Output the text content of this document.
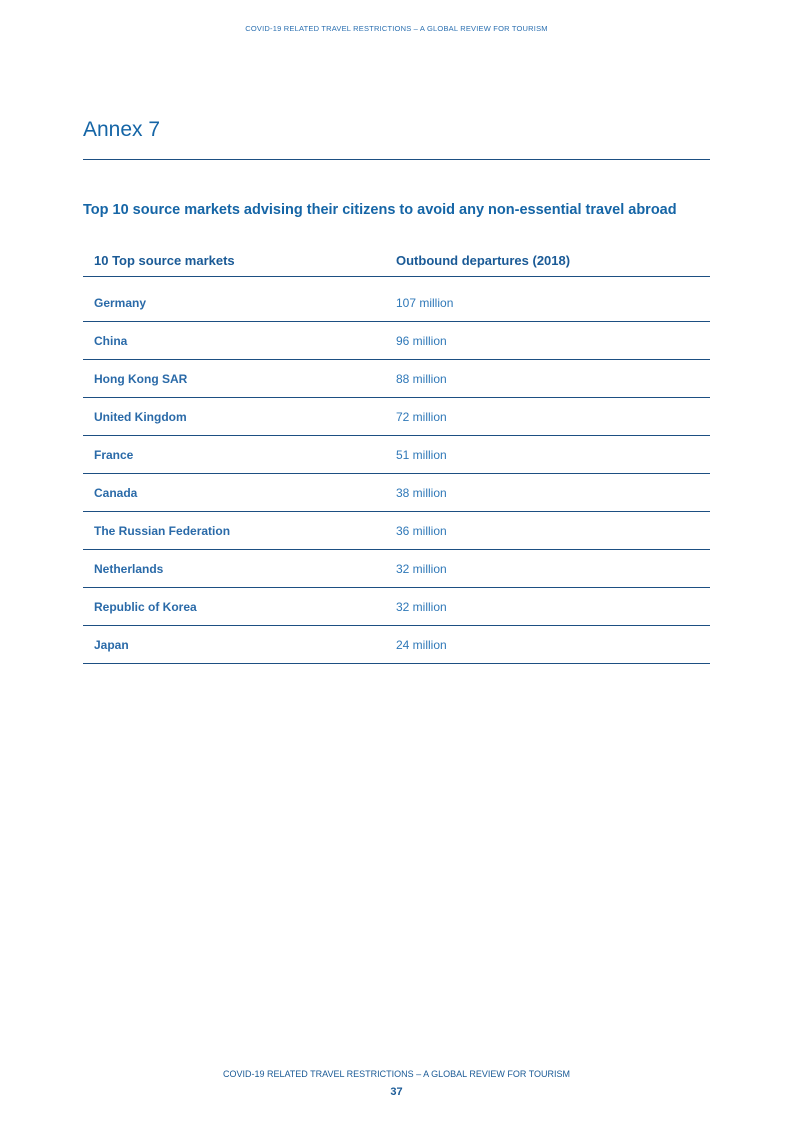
COVID-19 RELATED TRAVEL RESTRICTIONS – A GLOBAL REVIEW FOR TOURISM
Annex 7
Top 10 source markets advising their citizens to avoid any non-essential travel abroad
10 Top source markets	Outbound departures (2018)
Germany	107 million
China	96 million
Hong Kong SAR	88 million
United Kingdom	72 million
France	51 million
Canada	38 million
The Russian Federation	36 million
Netherlands	32 million
Republic of Korea	32 million
Japan	24 million
COVID-19 RELATED TRAVEL RESTRICTIONS – A GLOBAL REVIEW FOR TOURISM
37
